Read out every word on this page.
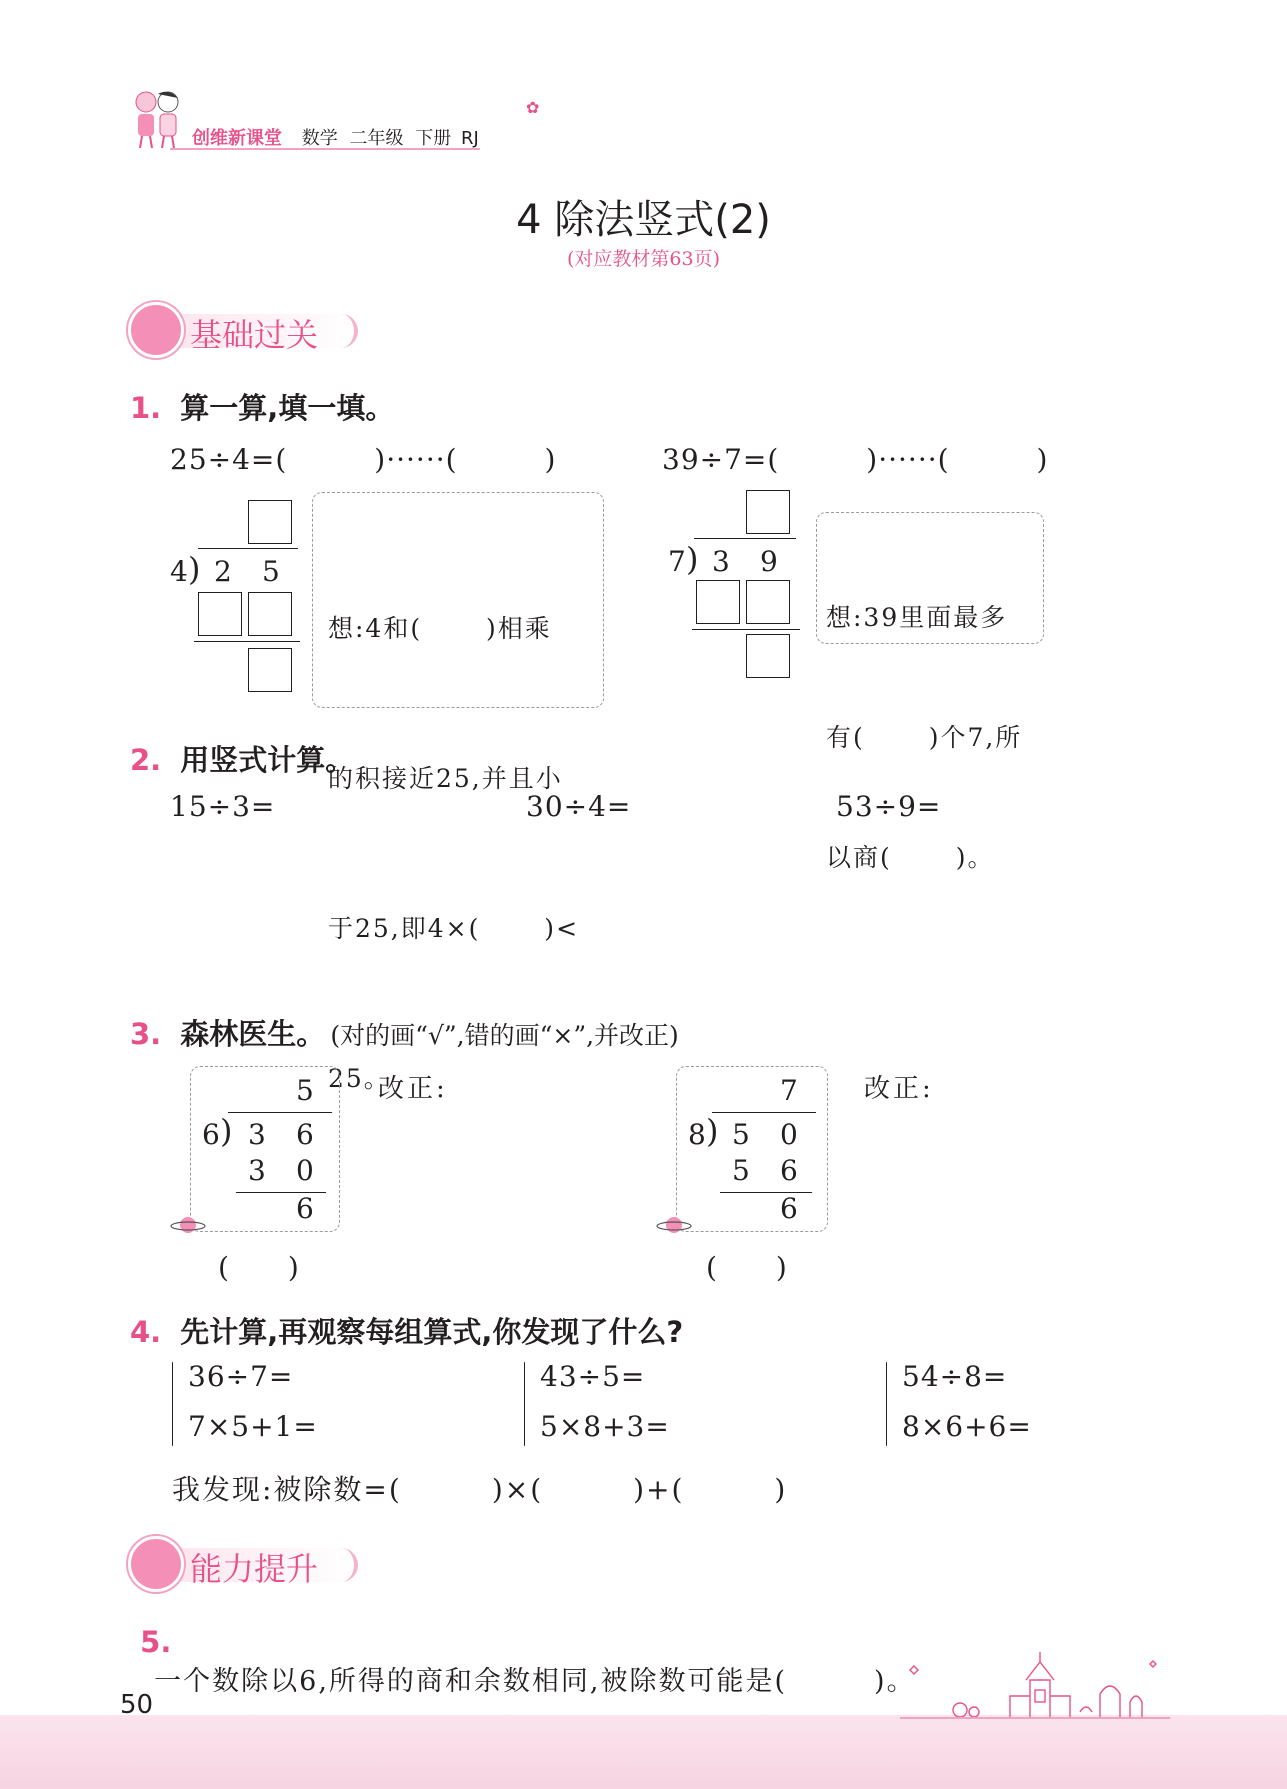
创维新课堂 数学 二年级 下册 RJ
✿
4 除法竖式(2)
(对应教材第63页)
基础过关
1. 算一算,填一填。
25÷4=(　　　)······(　　　)	39÷7=(　　　)······(　　　)
4 ) 2 5

想:4和(　　 )相乘

的积接近25,并且小

于25,即4×(　　 )<

25。

7 ) 3 9

想:39里面最多

有(　　 )个7,所

以商(　　 )。

2. 用竖式计算。
15÷3=	30÷4=	53÷9=
3. 森林医生。 (对的画“√”,错的画“×”,并改正)
5
6 ) 3 6
3 0
6
(　　)
改正:	7
8 ) 5 0
5 6
6
(　　)
改正:
4. 先计算,再观察每组算式,你发现了什么?
36÷7=
7×5+1=
43÷5=
5×8+3=
54÷8=
8×6+6=
我发现:被除数=(　　　)×(　　　)+(　　　)
能力提升

5.
一个数除以6,所得的商和余数相同,被除数可能是(　　　)。

50
